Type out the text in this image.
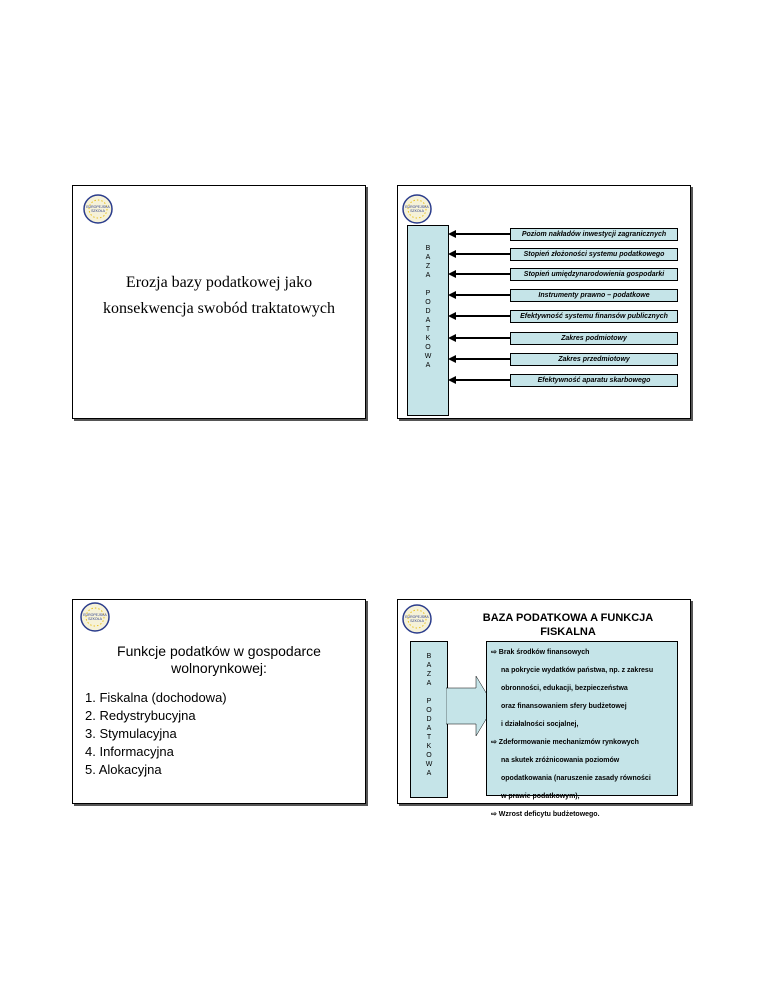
EUROPEJSKA
SZKOŁA
Erozja bazy podatkowej jako
konsekwencja swobód traktatowych
EUROPEJSKA
SZKOŁA
B
A
Z
A
P
O
D
A
T
K
O
W
A
Poziom nakładów inwestycji zagranicznych
Stopień złożoności systemu podatkowego
Stopień umiędzynarodowienia gospodarki
Instrumenty prawno – podatkowe
Efektywność systemu finansów publicznych
Zakres podmiotowy
Zakres przedmiotowy
Efektywność aparatu skarbowego
EUROPEJSKA
SZKOŁA
Funkcje podatków w gospodarce
wolnorynkowej:
1. Fiskalna (dochodowa)
2. Redystrybucyjna
3. Stymulacyjna
4. Informacyjna
5. Alokacyjna
EUROPEJSKA
SZKOŁA	BAZA PODATKOWA A FUNKCJA
FISKALNA
B
A
Z
A
P
O
D
A
T
K
O
W
A
⇨ Brak środków finansowych
na pokrycie wydatków państwa, np. z zakresu
obronności, edukacji, bezpieczeństwa
oraz finansowaniem sfery budżetowej
i działalności socjalnej,
⇨ Zdeformowanie mechanizmów rynkowych
na skutek zróżnicowania poziomów
opodatkowania (naruszenie zasady równości
w prawie podatkowym),
⇨ Wzrost deficytu budżetowego.
